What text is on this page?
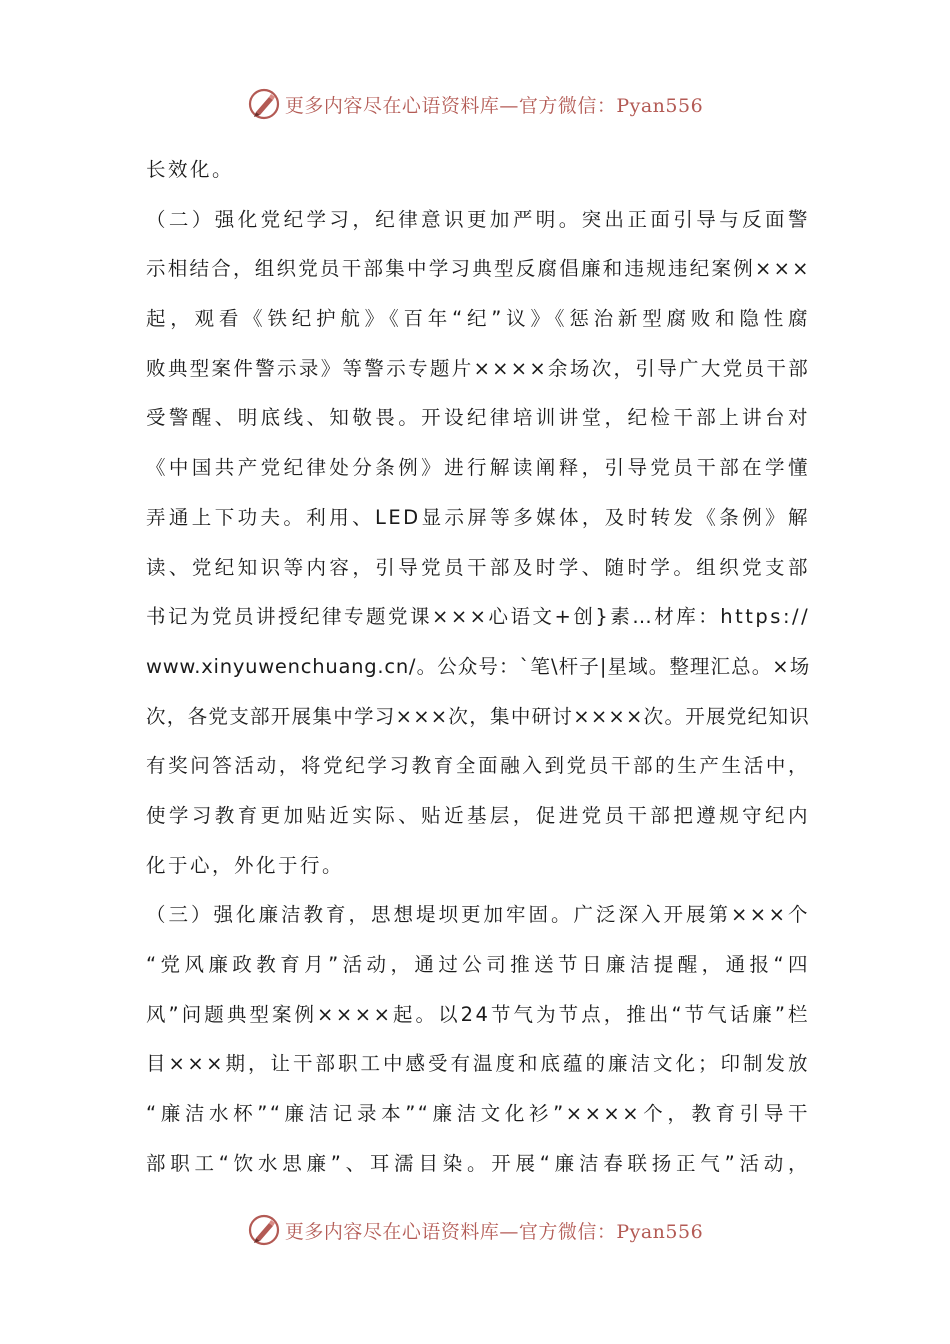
更多内容尽在心语资料库—官方微信：Pyan556
长效化。
（二）强化党纪学习，纪律意识更加严明。突出正面引导与反面警
示相结合，组织党员干部集中学习典型反腐倡廉和违规违纪案例×××
起，观看《铁纪护航》《百年“纪”议》《惩治新型腐败和隐性腐
败典型案件警示录》等警示专题片××××余场次，引导广大党员干部
受警醒、明底线、知敬畏。开设纪律培训讲堂，纪检干部上讲台对
《中国共产党纪律处分条例》进行解读阐释，引导党员干部在学懂
弄通上下功夫。利用、LED显示屏等多媒体，及时转发《条例》解
读、党纪知识等内容，引导党员干部及时学、随时学。组织党支部
书记为党员讲授纪律专题党课×××心语文+创}素…材库：https://
www.xinyuwenchuang.cn/。公众号：`笔\杆子|星域。整理汇总。×场
次，各党支部开展集中学习×××次，集中研讨××××次。开展党纪知识
有奖问答活动，将党纪学习教育全面融入到党员干部的生产生活中，
使学习教育更加贴近实际、贴近基层，促进党员干部把遵规守纪内
化于心，外化于行。
（三）强化廉洁教育，思想堤坝更加牢固。广泛深入开展第×××个
“党风廉政教育月”活动，通过公司推送节日廉洁提醒，通报“四
风”问题典型案例××××起。以24节气为节点，推出“节气话廉”栏
目×××期，让干部职工中感受有温度和底蕴的廉洁文化；印制发放
“廉洁水杯”“廉洁记录本”“廉洁文化衫”××××个，教育引导干
部职工“饮水思廉”、耳濡目染。开展“廉洁春联扬正气”活动，
更多内容尽在心语资料库—官方微信：Pyan556
